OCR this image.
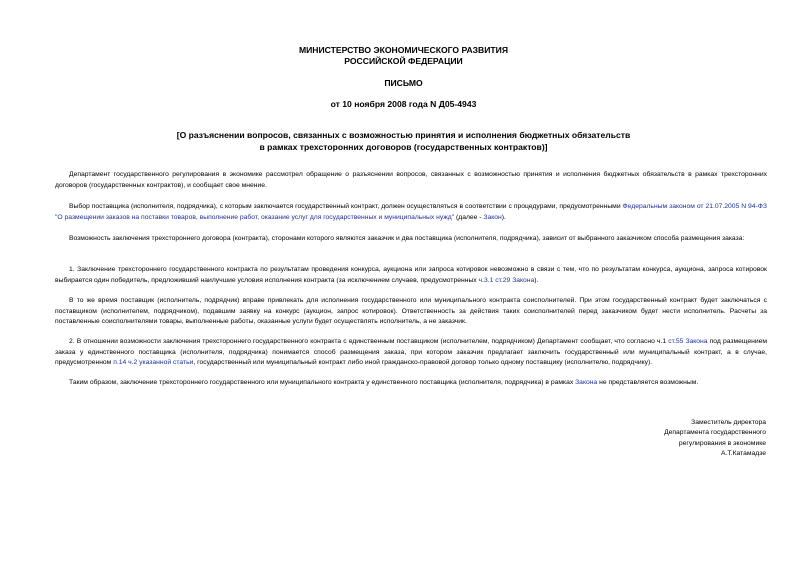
МИНИСТЕРСТВО ЭКОНОМИЧЕСКОГО РАЗВИТИЯ
РОССИЙСКОЙ ФЕДЕРАЦИИ
ПИСЬМО
от 10 ноября 2008 года N Д05-4943
[О разъяснении вопросов, связанных с возможностью принятия и исполнения бюджетных обязательств
в рамках трехсторонних договоров (государственных контрактов)]
Департамент государственного регулирования в экономике рассмотрел обращение о разъяснении вопросов, связанных с возможностью принятия и исполнения бюджетных обязательств в рамках трехсторонних договоров (государственных контрактов), и сообщает свое мнение.
Выбор поставщика (исполнителя, подрядчика), с которым заключается государственный контракт, должен осуществляться в соответствии с процедурами, предусмотренными Федеральным законом от 21.07.2005 N 94-ФЗ "О размещении заказов на поставки товаров, выполнение работ, оказание услуг для государственных и муниципальных нужд" (далее - Закон).
Возможность заключения трехстороннего договора (контракта), сторонами которого являются заказчик и два поставщика (исполнителя, подрядчика), зависит от выбранного заказчиком способа размещения заказа:
1. Заключение трехстороннего государственного контракта по результатам проведения конкурса, аукциона или запроса котировок невозможно в связи с тем, что по результатам конкурса, аукциона, запроса котировок выбирается один победитель, предложивший наилучшие условия исполнения контракта (за исключением случаев, предусмотренных ч.3.1 ст.29 Закона).
В то же время поставщик (исполнитель, подрядчик) вправе привлекать для исполнения государственного или муниципального контракта соисполнителей. При этом государственный контракт будет заключаться с поставщиком (исполнителем, подрядчиком), подавшим заявку на конкурс (аукцион, запрос котировок). Ответственность за действия таких соисполнителей перед заказчиком будет нести исполнитель. Расчеты за поставленные соисполнителями товары, выполненные работы, оказанные услуги будет осуществлять исполнитель, а не заказчик.
2. В отношении возможности заключения трехстороннего государственного контракта с единственным поставщиком (исполнителем, подрядчиком) Департамент сообщает, что согласно ч.1 ст.55 Закона под размещением заказа у единственного поставщика (исполнителя, подрядчика) понимается способ размещения заказа, при котором заказчик предлагает заключить государственный или муниципальный контракт, а в случае, предусмотренном п.14 ч.2 указанной статьи, государственный или муниципальный контракт либо иной гражданско-правовой договор только одному поставщику (исполнителю, подрядчику).
Таким образом, заключение трехстороннего государственного или муниципального контракта у единственного поставщика (исполнителя, подрядчика) в рамках Закона не представляется возможным.
Заместитель директора
Департамента государственного
регулирования в экономике
А.Т.Катамадзе
